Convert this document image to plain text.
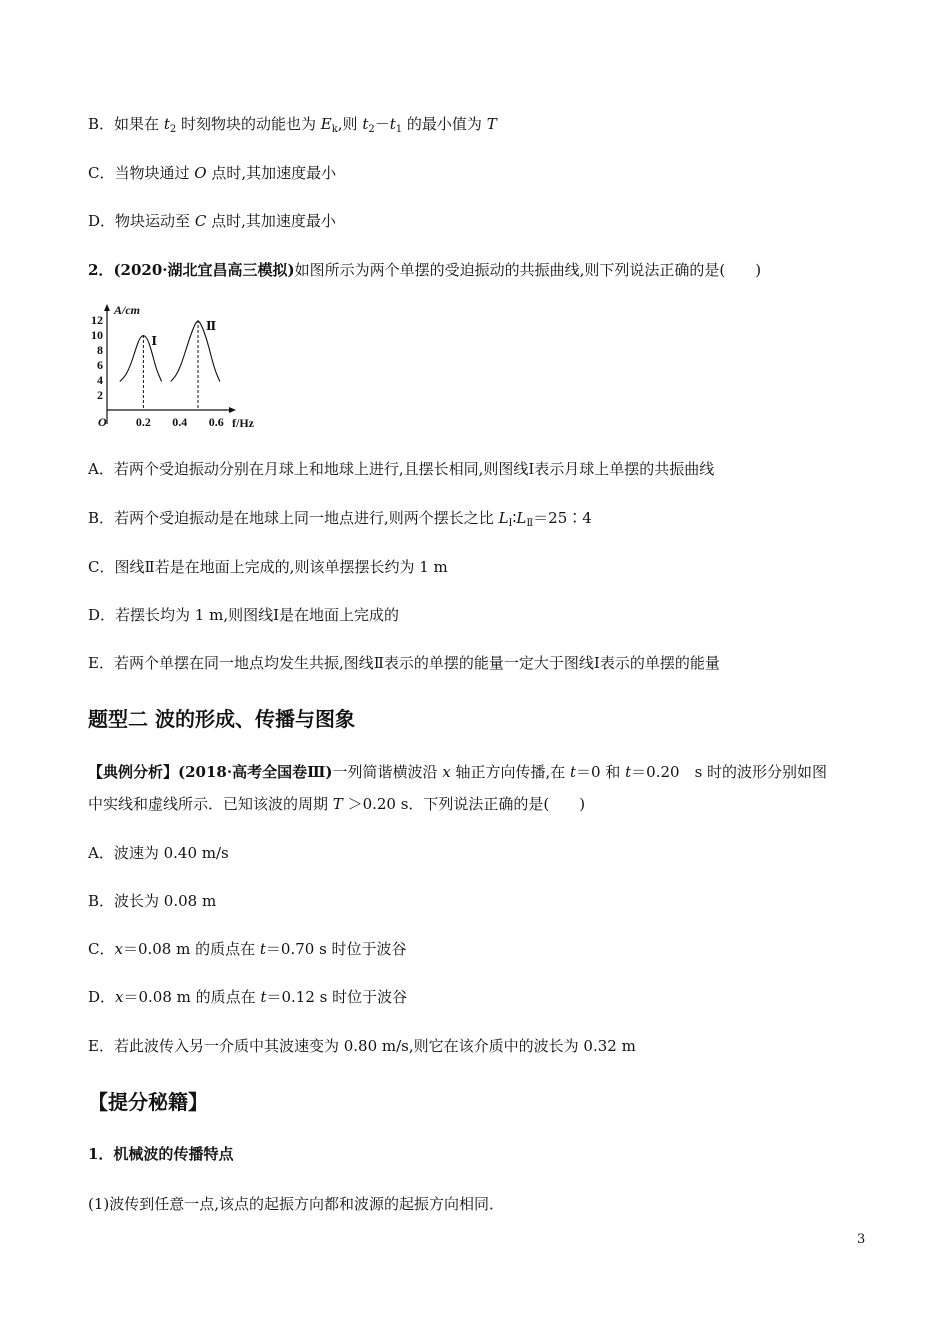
B．如果在 $t_2$ 时刻物块的动能也为 $E_k$,则 $t_2-t_1$ 的最小值为 T
C．当物块通过 O 点时,其加速度最小
D．物块运动至 C 点时,其加速度最小
2．(2020·湖北宜昌高三模拟)如图所示为两个单摆的受迫振动的共振曲线,则下列说法正确的是(　　)
A/cm
f/Hz
O
12
10
8
6
4
2
0.2 0.4 0.6
Ⅰ
Ⅱ
A．若两个受迫振动分别在月球上和地球上进行,且摆长相同,则图线Ⅰ表示月球上单摆的共振曲线
B．若两个受迫振动是在地球上同一地点进行,则两个摆长之比 $L_Ⅰ∶L_Ⅱ=25∶4$
C．图线Ⅱ若是在地面上完成的,则该单摆摆长约为 1 m
D．若摆长均为 1 m,则图线Ⅰ是在地面上完成的
E．若两个单摆在同一地点均发生共振,图线Ⅱ表示的单摆的能量一定大于图线Ⅰ表示的单摆的能量
题型二 波的形成、传播与图象
【典例分析】(2018·高考全国卷Ⅲ)一列简谐横波沿 x 轴正方向传播,在 t＝0 和 t＝0.20　s 时的波形分别如图
中实线和虚线所示．已知该波的周期 T ＞0.20 s．下列说法正确的是(　　)
A．波速为 0.40 m/s
B．波长为 0.08 m
C．x＝0.08 m 的质点在 t＝0.70 s 时位于波谷
D．x＝0.08 m 的质点在 t＝0.12 s 时位于波谷
E．若此波传入另一介质中其波速变为 0.80 m/s,则它在该介质中的波长为 0.32 m
【提分秘籍】
1．机械波的传播特点
(1)波传到任意一点,该点的起振方向都和波源的起振方向相同．
3
